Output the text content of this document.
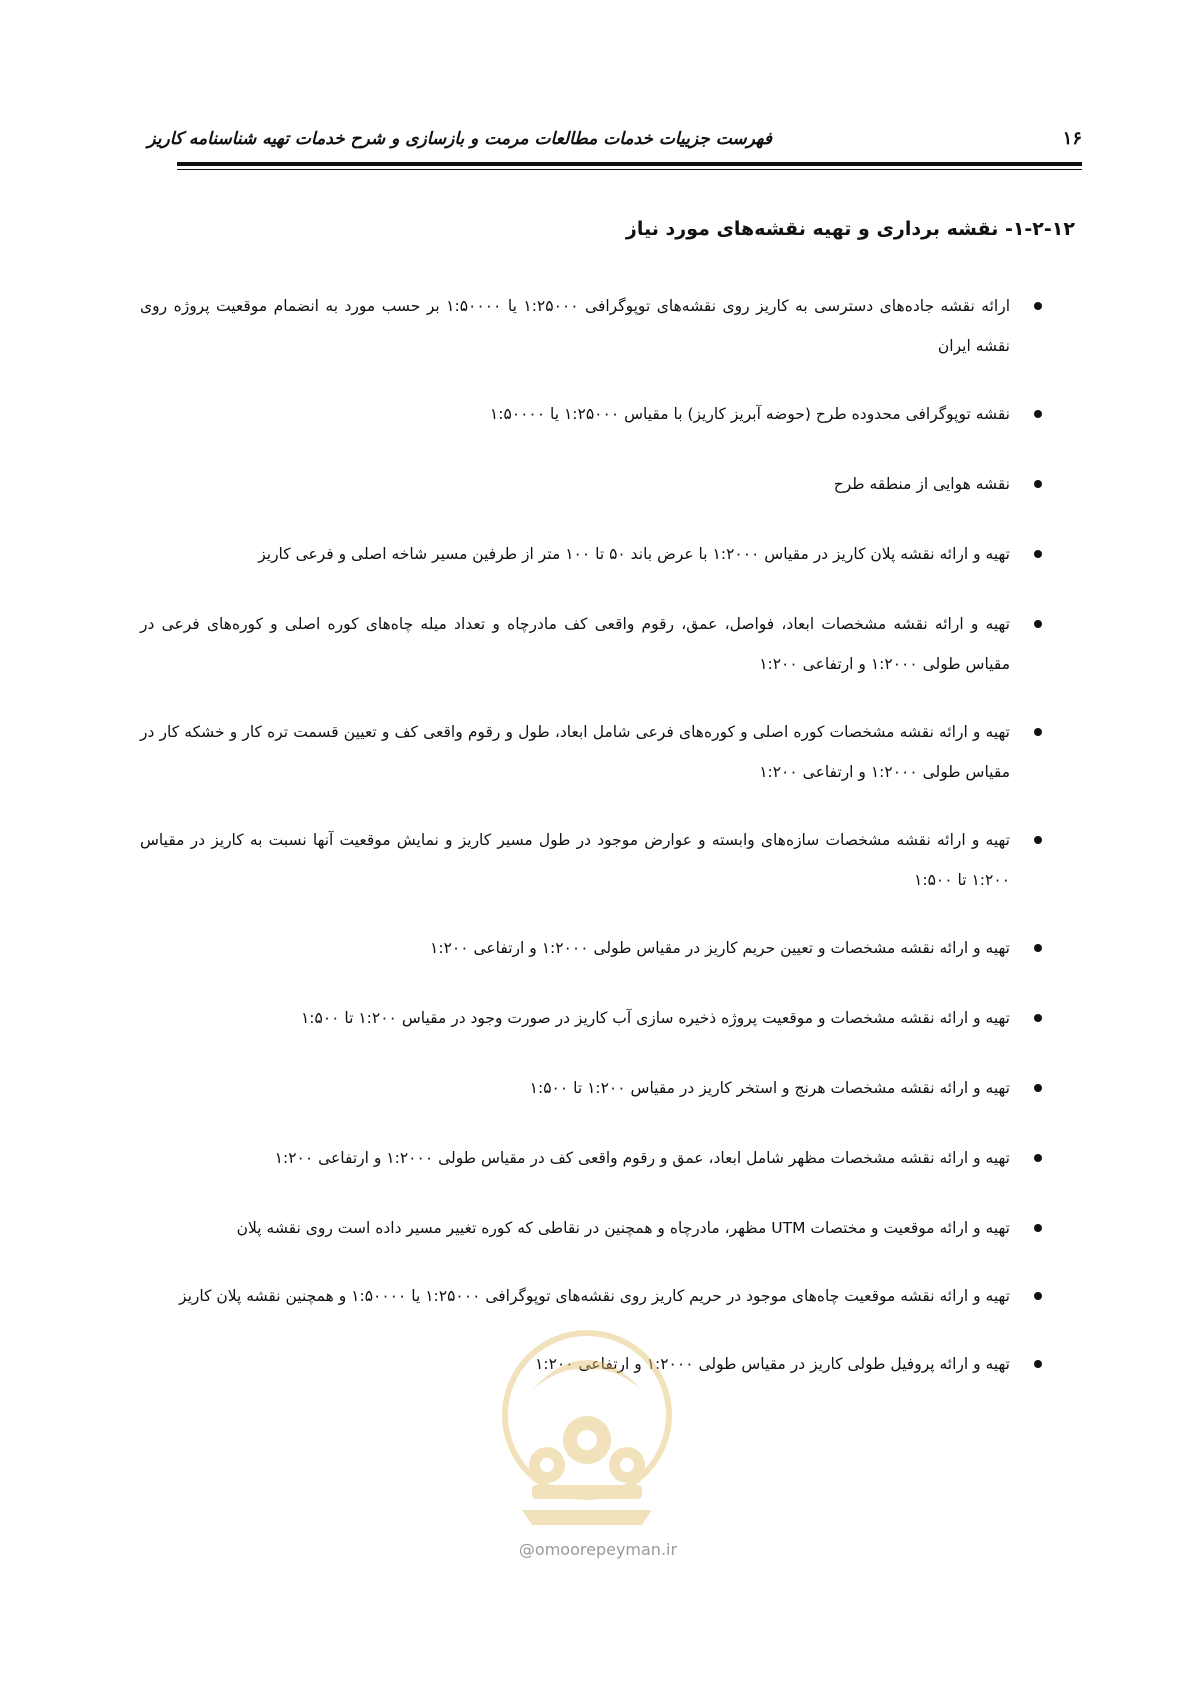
فهرست جزییات خدمات مطالعات مرمت و بازسازی و شرح خدمات تهیه شناسنامه کاریز	۱۶
۱-۲-۱۲- نقشه برداری و تهیه نقشه‌های مورد نیاز
ارائه نقشه جاده‌های دسترسی به کاریز روی نقشه‌های توپوگرافی ۱:۲۵۰۰۰ یا ۱:۵۰۰۰۰ بر حسب مورد به انضمام موقعیت پروژه روی نقشه ایران
نقشه توپوگرافی محدوده طرح (حوضه آبریز کاریز) با مقیاس ۱:۲۵۰۰۰ یا ۱:۵۰۰۰۰
نقشه هوایی از منطقه طرح
تهیه و ارائه نقشه پلان کاریز در مقیاس ۱:۲۰۰۰ با عرض باند ۵۰ تا ۱۰۰ متر از طرفین مسیر شاخه اصلی و فرعی کاریز
تهیه و ارائه نقشه مشخصات ابعاد، فواصل، عمق، رقوم واقعی کف مادرچاه و تعداد میله چاه‌های کوره اصلی و کوره‌های فرعی در مقیاس طولی ۱:۲۰۰۰ و ارتفاعی ۱:۲۰۰
تهیه و ارائه نقشه مشخصات کوره اصلی و کوره‌های فرعی شامل ابعاد، طول و رقوم واقعی کف و تعیین قسمت تره کار و خشکه کار در مقیاس طولی ۱:۲۰۰۰ و ارتفاعی ۱:۲۰۰
تهیه و ارائه نقشه مشخصات سازه‌های وابسته و عوارض موجود در طول مسیر کاریز و نمایش موقعیت آنها نسبت به کاریز در مقیاس ۱:۲۰۰ تا ۱:۵۰۰
تهیه و ارائه نقشه مشخصات و تعیین حریم کاریز در مقیاس طولی ۱:۲۰۰۰ و ارتفاعی ۱:۲۰۰
تهیه و ارائه نقشه مشخصات و موقعیت پروژه ذخیره سازی آب کاریز در صورت وجود در مقیاس ۱:۲۰۰ تا ۱:۵۰۰
تهیه و ارائه نقشه مشخصات هرنج و استخر کاریز در مقیاس ۱:۲۰۰ تا ۱:۵۰۰
تهیه و ارائه نقشه مشخصات مظهر شامل ابعاد، عمق و رقوم واقعی کف در مقیاس طولی ۱:۲۰۰۰ و ارتفاعی ۱:۲۰۰
تهیه و ارائه موقعیت و مختصات UTM مظهر، مادرچاه و همچنین در نقاطی که کوره تغییر مسیر داده است روی نقشه پلان
تهیه و ارائه نقشه موقعیت چاه‌های موجود در حریم کاریز روی نقشه‌های توپوگرافی ۱:۲۵۰۰۰ یا ۱:۵۰۰۰۰ و همچنین نقشه پلان کاریز
تهیه و ارائه پروفیل طولی کاریز در مقیاس طولی ۱:۲۰۰۰ و ارتفاعی ۱:۲۰۰
@omoorepeyman.ir
